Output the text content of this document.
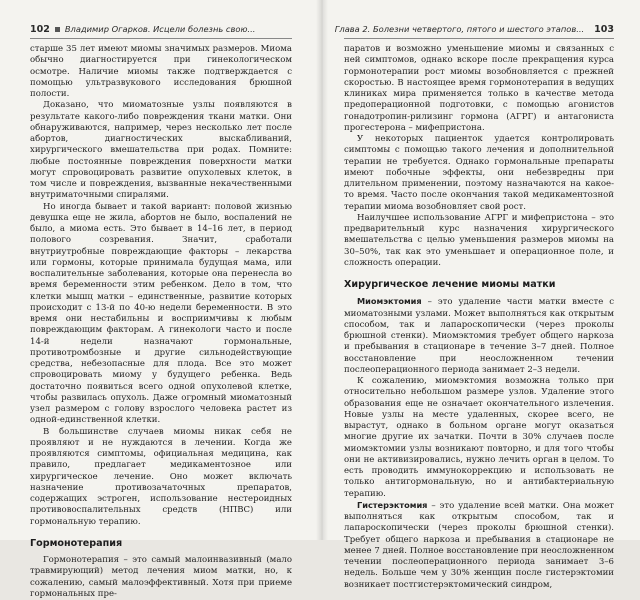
102 Владимир Огарков. Исцели болезнь свою...

старше 35 лет имеют миомы значимых размеров. Миома обычно диагностируется при гинекологическом осмотре. Наличие миомы также подтверждается с помощью ультразвукового исследования брюшной полости.

Доказано, что миоматозные узлы появляются в результате какого-либо повреждения ткани матки. Они обнаруживаются, например, через несколько лет после абортов, диагностических выскабливаний, хирургического вмешательства при родах. Помните: любые постоянные повреждения поверхности матки могут спровоцировать развитие опухолевых клеток, в том числе и повреждения, вызванные некачественными внутриматочными спиралями.

Но иногда бывает и такой вариант: половой жизнью девушка еще не жила, абортов не было, воспалений не было, а миома есть. Это бывает в 14–16 лет, в период полового созревания. Значит, сработали внутриутробные повреждающие факторы – лекарства или гормоны, которые принимала будущая мама, или воспалительные заболевания, которые она перенесла во время беременности этим ребенком. Дело в том, что клетки мышц матки – единственные, развитие которых происходит с 13-й по 40-ю недели беременности. В это время они нестабильны и восприимчивы к любым повреждающим факторам. А гинекологи часто и после 14-й недели назначают гормональные, противотромбозные и другие сильнодействующие средства, небезопасные для плода. Все это может спровоцировать миому у будущего ребенка. Ведь достаточно появиться всего одной опухолевой клетке, чтобы развилась опухоль. Даже огромный миоматозный узел размером с голову взрослого человека растет из одной-единственной клетки.

В большинстве случаев миомы никак себя не проявляют и не нуждаются в лечении. Когда же проявляются симптомы, официальная медицина, как правило, предлагает медикаментозное или хирургическое лечение. Оно может включать назначение противозачаточных препаратов, содержащих эстроген, использование нестероидных противовоспалительных средств (НПВС) или гормональную терапию.

Гормонотерапия

Гормонотерапия – это самый малоинвазивный (мало травмирующий) метод лечения миом матки, но, к сожалению, самый малоэффективный. Хотя при приеме гормональных пре-

Глава 2. Болезни четвертого, пятого и шестого этапов... 103

паратов и возможно уменьшение миомы и связанных с ней симптомов, однако вскоре после прекращения курса гормонотерапии рост миомы возобновляется с прежней скоростью. В настоящее время гормонотерапия в ведущих клиниках мира применяется только в качестве метода предоперационной подготовки, с помощью агонистов гонадотропин-рилизинг гормона (АГРГ) и антагониста прогестерона – мифепристона.

У некоторых пациенток удается контролировать симптомы с помощью такого лечения и дополнительной терапии не требуется. Однако гормональные препараты имеют побочные эффекты, они небезвредны при длительном применении, поэтому назначаются на какое-то время. Часто после окончания такой медикаментозной терапии миома возобновляет свой рост.

Наилучшее использование АГРГ и мифепристона – это предварительный курс назначения хирургического вмешательства с целью уменьшения размеров миомы на 30–50%, так как это уменьшает и операционное поле, и сложность операции.

Хирургическое лечение миомы матки

Миомэктомия – это удаление части матки вместе с миоматозными узлами. Может выполняться как открытым способом, так и лапароскопически (через проколы брюшной стенки). Миомэктомия требует общего наркоза и пребывания в стационаре в течение 3–7 дней. Полное восстановление при неосложненном течении послеоперационного периода занимает 2–3 недели.

К сожалению, миомэктомия возможна только при относительно небольшом размере узлов. Удаление этого образования еще не означает окончательного излечения. Новые узлы на месте удаленных, скорее всего, не вырастут, однако в больном органе могут оказаться многие другие их зачатки. Почти в 30% случаев после миомэктомии узлы возникают повторно, и для того чтобы они не активизировались, нужно лечить орган в целом. То есть проводить иммунокоррекцию и использовать не только антигормональную, но и антибактериальную терапию.

Гистерэктомия – это удаление всей матки. Она может выполняться как открытым способом, так и лапароскопически (через проколы брюшной стенки). Требует общего наркоза и пребывания в стационаре не менее 7 дней. Полное восстановление при неосложненном течении послеоперационного периода занимает 3–6 недель. Больше чем у 30% женщин после гистерэктомии возникает постгистерэктомический синдром,
